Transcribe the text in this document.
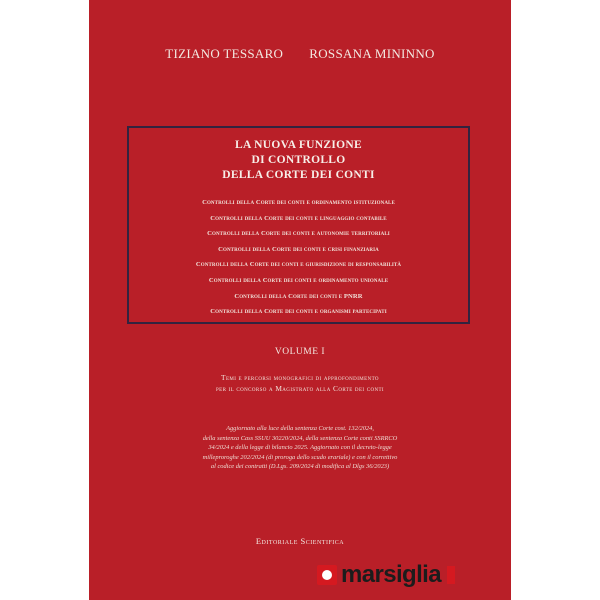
TIZIANO TESSARO ROSSANA MININNO
LA NUOVA FUNZIONE
DI CONTROLLO
DELLA CORTE DEI CONTI
Controlli della Corte dei conti e ordinamento istituzionale
Controlli della Corte dei conti e linguaggio contabile
Controlli della Corte dei conti e autonomie territoriali
Controlli della Corte dei conti e crisi finanziaria
Controlli della Corte dei conti e giurisdizione di responsabilità
Controlli della Corte dei conti e ordinamento unionale
Controlli della Corte dei conti e PNRR
Controlli della Corte dei conti e organismi partecipati
VOLUME I
Temi e percorsi monografici di approfondimento
per il concorso a Magistrato alla Corte dei conti
Aggiornato alla luce della sentenza Corte cost. 132/2024,
della sentenza Cass SSUU 30220/2024, della sentenza Corte conti SSRRCO
34/2024 e della legge di bilancio 2025. Aggiornato con il decreto-legge
milleproroghe 202/2024 (di proroga dello scudo erariale) e con il correttivo
al codice dei contratti (D.Lgs. 209/2024 di modifica al Dlgs 36/2023)
Editoriale Scientifica
marsiglia
